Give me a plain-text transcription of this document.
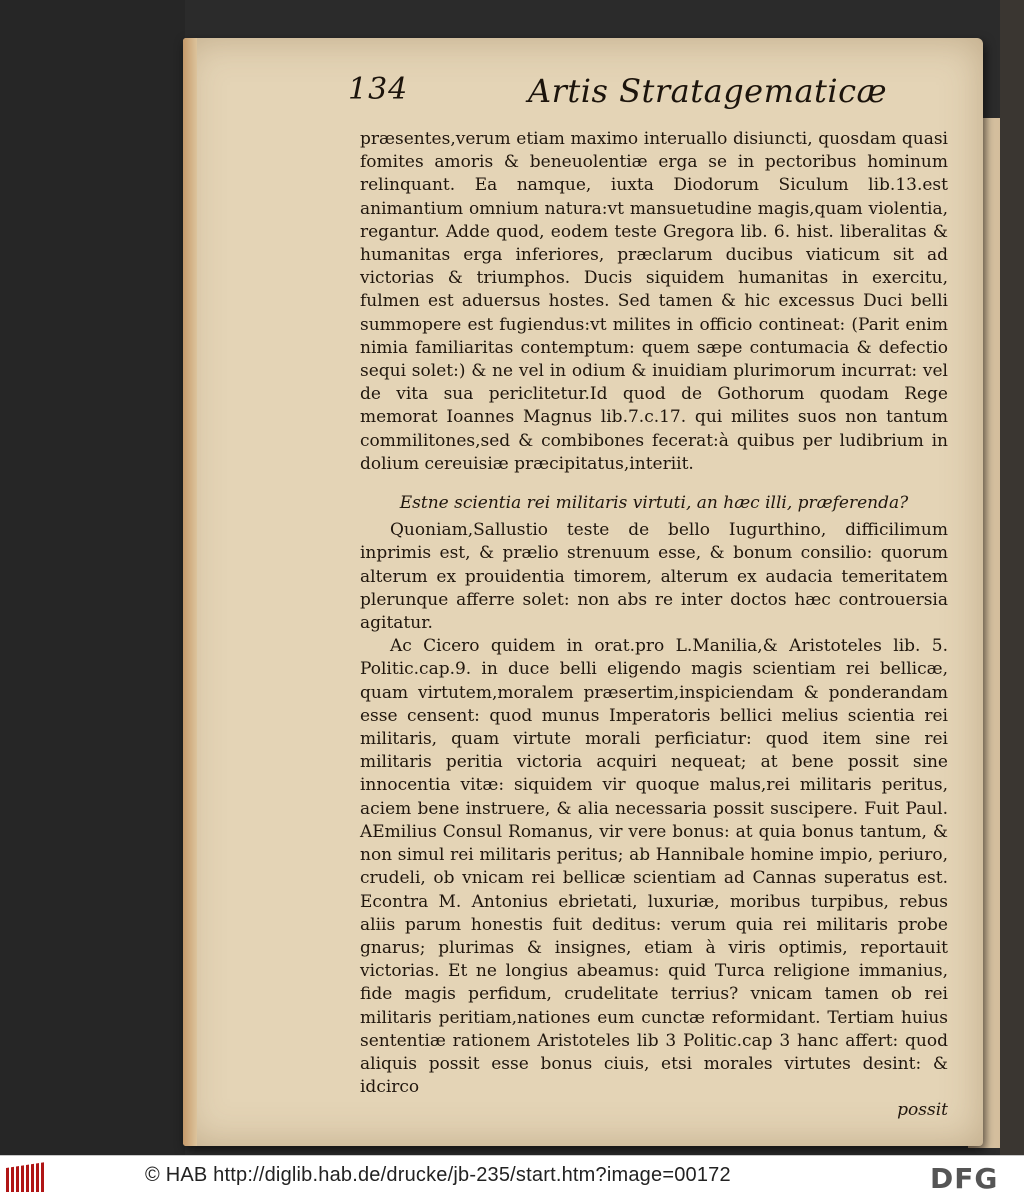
134	Artis Stratagematicæ

præsentes,verum etiam maximo interuallo disiuncti, quosdam quasi fomites amoris & beneuolentiæ erga se in pectoribus hominum relinquant. Ea namque, iuxta Diodorum Siculum lib.13.est animantium omnium natura:vt mansuetudine magis,quam violentia, regantur. Adde quod, eodem teste Gregora lib. 6. hist. liberalitas & humanitas erga inferiores, præclarum ducibus viaticum sit ad victorias & triumphos. Ducis siquidem humanitas in exercitu, fulmen est aduersus hostes. Sed tamen & hic excessus Duci belli summopere est fugiendus:vt milites in officio contineat: (Parit enim nimia familiaritas contemptum: quem sæpe contumacia & defectio sequi solet:) & ne vel in odium & inuidiam plurimorum incurrat: vel de vita sua periclitetur.Id quod de Gothorum quodam Rege memorat Ioannes Magnus lib.7.c.17. qui milites suos non tantum commilitones,sed & combibones fecerat:à quibus per ludibrium in dolium cereuisiæ præcipitatus,interiit.

Estne scientia rei militaris virtuti, an hæc illi, præferenda?

Quoniam,Sallustio teste de bello Iugurthino, difficilimum inprimis est, & prælio strenuum esse, & bonum consilio: quorum alterum ex prouidentia timorem, alterum ex audacia temeritatem plerunque afferre solet: non abs re inter doctos hæc controuersia agitatur.

Ac Cicero quidem in orat.pro L.Manilia,& Aristoteles lib. 5. Politic.cap.9. in duce belli eligendo magis scientiam rei bellicæ, quam virtutem,moralem præsertim,inspiciendam & ponderandam esse censent: quod munus Imperatoris bellici melius scientia rei militaris, quam virtute morali perficiatur: quod item sine rei militaris peritia victoria acquiri nequeat; at bene possit sine innocentia vitæ: siquidem vir quoque malus,rei militaris peritus, aciem bene instruere, & alia necessaria possit suscipere. Fuit Paul. AEmilius Consul Romanus, vir vere bonus: at quia bonus tantum, & non simul rei militaris peritus; ab Hannibale homine impio, periuro, crudeli, ob vnicam rei bellicæ scientiam ad Cannas superatus est. Econtra M. Antonius ebrietati, luxuriæ, moribus turpibus, rebus aliis parum honestis fuit deditus: verum quia rei militaris probe gnarus; plurimas & insignes, etiam à viris optimis, reportauit victorias. Et ne longius abeamus: quid Turca religione immanius, fide magis perfidum, crudelitate terrius? vnicam tamen ob rei militaris peritiam,nationes eum cunctæ reformidant. Tertiam huius sententiæ rationem Aristoteles lib 3 Politic.cap 3 hanc affert: quod aliquis possit esse bonus ciuis, etsi morales virtutes desint: & idcirco

possit

© HAB http://diglib.hab.de/drucke/jb-235/start.htm?image=00172	DFG
